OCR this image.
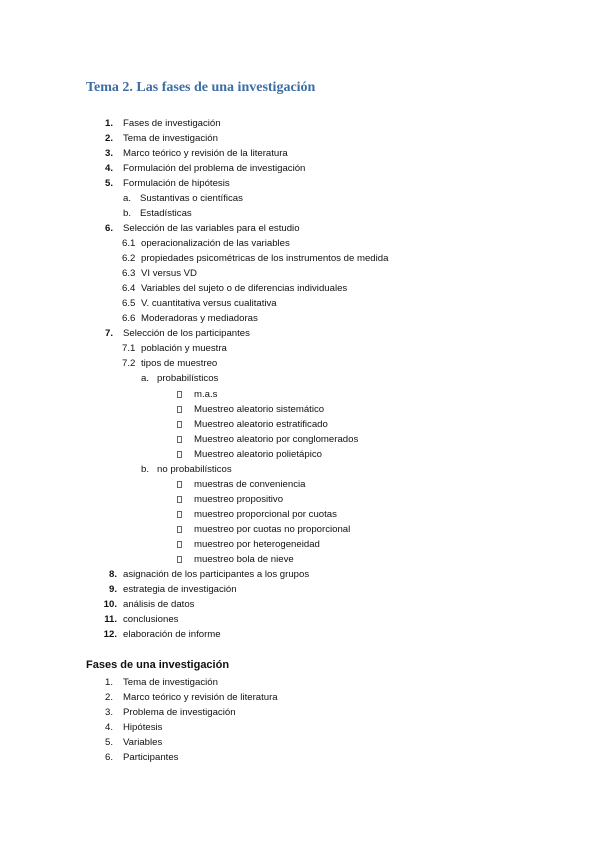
Tema 2. Las fases de una investigación
1. Fases de investigación
2. Tema de investigación
3. Marco teórico y revisión de la literatura
4. Formulación del problema de investigación
5. Formulación de hipótesis
a. Sustantivas o científicas
b. Estadísticas
6. Selección de las variables para el estudio
6.1 operacionalización de las variables
6.2 propiedades psicométricas de los instrumentos de medida
6.3 VI versus VD
6.4 Variables del sujeto o de diferencias individuales
6.5 V. cuantitativa versus cualitativa
6.6 Moderadoras y mediadoras
7. Selección de los participantes
7.1 población y muestra
7.2 tipos de muestreo
a. probabilísticos
m.a.s
Muestreo aleatorio sistemático
Muestreo aleatorio estratificado
Muestreo aleatorio por conglomerados
Muestreo aleatorio polietápico
b. no probabilísticos
muestras de conveniencia
muestreo propositivo
muestreo proporcional por cuotas
muestreo por cuotas no proporcional
muestreo por heterogeneidad
muestreo bola de nieve
8. asignación de los participantes a los grupos
9. estrategia de investigación
10. análisis de datos
11. conclusiones
12. elaboración de informe
Fases de una investigación
1. Tema de investigación
2. Marco teórico y revisión de literatura
3. Problema de investigación
4. Hipótesis
5. Variables
6. Participantes
